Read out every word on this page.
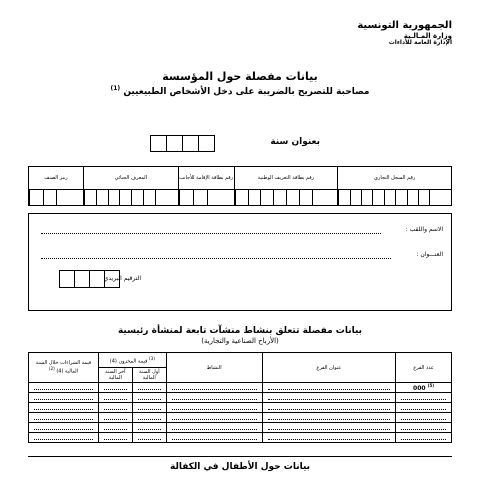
الجمهورية التونسية
وزارة المـالـية
الإدارة العامة للأداءات
بيانات مفصلة حول المؤسسة
مصاحبة للتصريح بالضريبة على دخل الأشخاص الطبيعيين $^{(1)}$
بعنوان سنة
رقم السجل التجاري	رقم بطاقة التعريف الوطنية	رقم بطاقة الإقامة للأجانب	المعرف الجبائي	رمز الصنف

الاسم واللقب :
العنـــوان :
الترقيم البريدي
بيانات مفصلة تتعلق بنشاط منشآت تابعة لمنشأة رئيسية
(الأرباح الصناعية والتجارية)
عدد الفرع	عنوان الفرع	النشاط	$^{(3)}$ قيمة المخزون (4)		قيمة الشراءات خلال السنة المالية (4) $^{(2)}$
			أول السنة المالية	آخر السنة المالية	
$^{(5)}$ 000	

بيانات حول الأطفال في الكفالة
